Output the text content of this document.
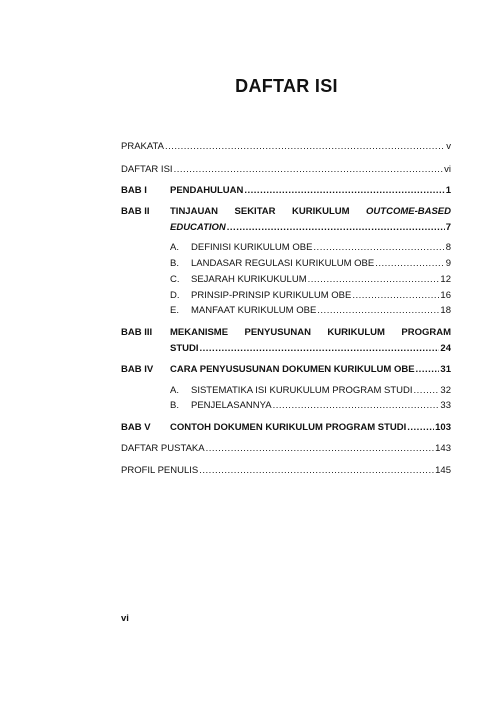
DAFTAR ISI
PRAKATA .....	v
DAFTAR ISI .....	vi
BAB I PENDAHULUAN .....	1
BAB II TINJAUAN SEKITAR KURIKULUM OUTCOME-BASED
EDUCATION .....	7
A.	DEFINISI KURIKULUM OBE .....	8
B.	LANDASAR REGULASI KURIKULUM OBE .....	9
C.	SEJARAH KURIKUKULUM .....	12
D.	PRINSIP-PRINSIP KURIKULUM OBE .....	16
E.	MANFAAT KURIKULUM OBE .....	18
BAB III MEKANISME PENYUSUNAN KURIKULUM PROGRAM
STUDI .....	24
BAB IV CARA PENYUSUSUNAN DOKUMEN KURIKULUM OBE .....	31
A.	SISTEMATIKA ISI KURUKULUM PROGRAM STUDI .....	32
B.	PENJELASANNYA .....	33
BAB V CONTOH DOKUMEN KURIKULUM PROGRAM STUDI .....	103
DAFTAR PUSTAKA .....	143
PROFIL PENULIS .....	145
vi
